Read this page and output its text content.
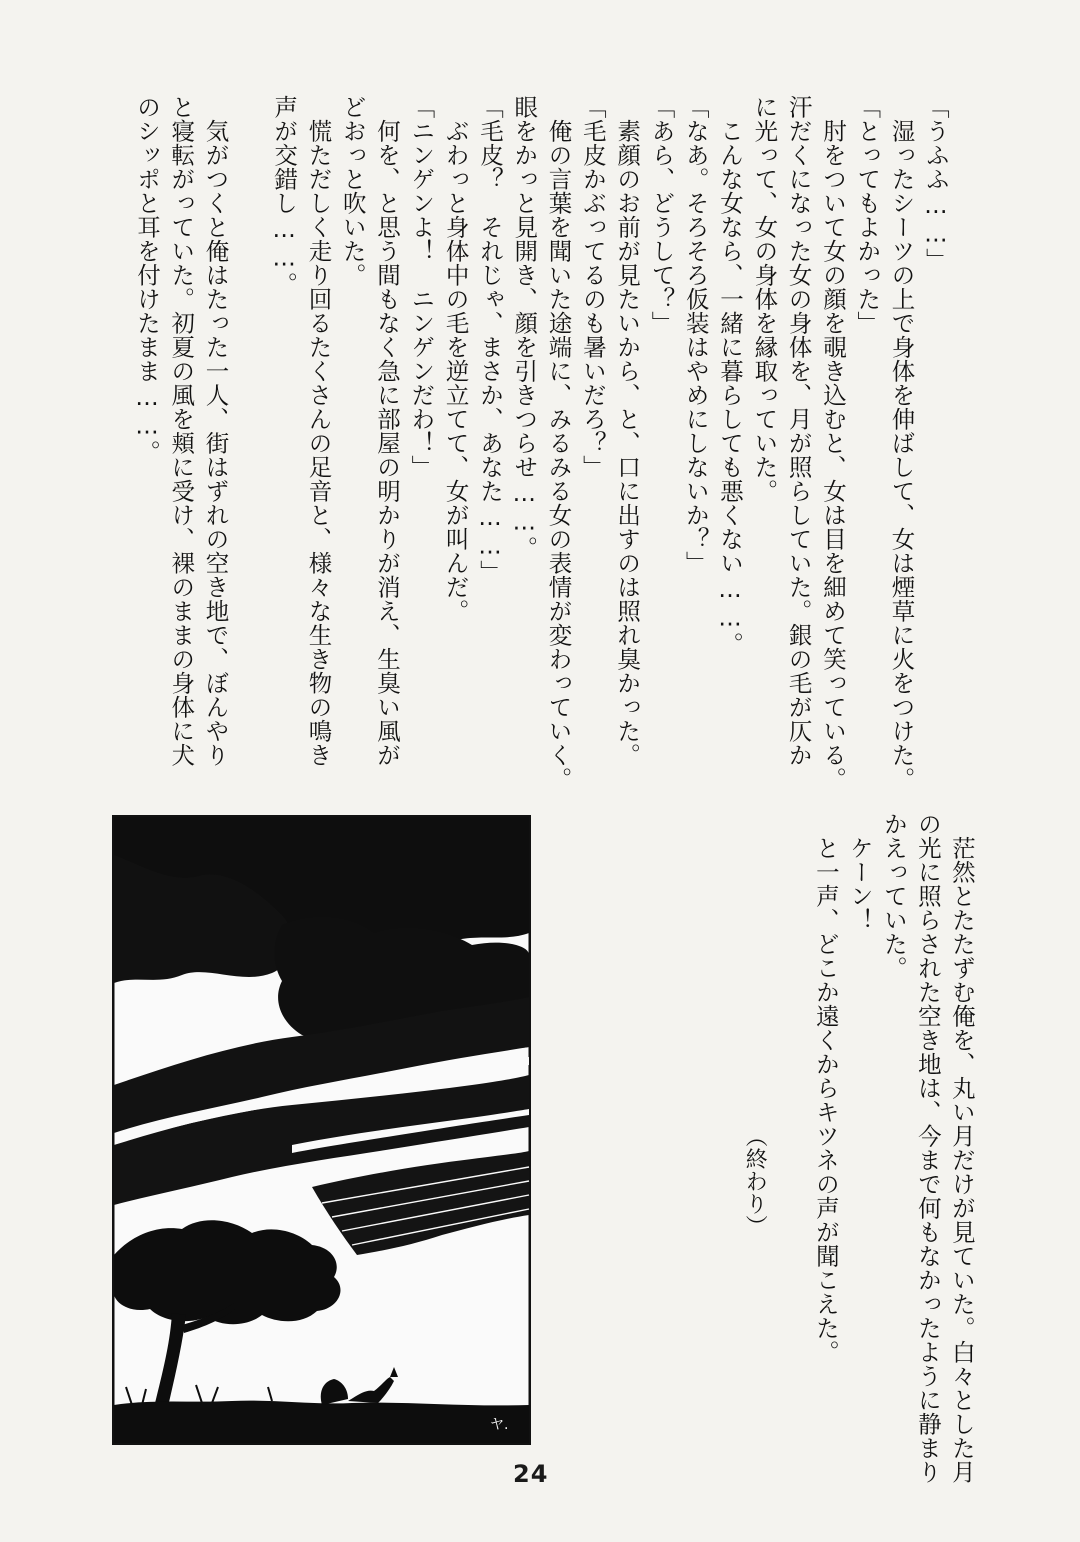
「うふふ……」
　湿ったシーツの上で身体を伸ばして、女は煙草に火をつけた。
「とってもよかった」
　肘をついて女の顔を覗き込むと、女は目を細めて笑っている。
汗だくになった女の身体を、月が照らしていた。銀の毛が仄か
に光って、女の身体を縁取っていた。
　こんな女なら、一緒に暮らしても悪くない……。
「なあ。そろそろ仮装はやめにしないか？」
「あら、どうして？」
　素顔のお前が見たいから、と、口に出すのは照れ臭かった。
「毛皮かぶってるのも暑いだろ？」
　俺の言葉を聞いた途端に、みるみる女の表情が変わっていく。
眼をかっと見開き、顔を引きつらせ……。
「毛皮？　それじゃ、まさか、あなた……」
　ぶわっと身体中の毛を逆立てて、女が叫んだ。
「ニンゲンよ！　ニンゲンだわ！」
　何を、と思う間もなく急に部屋の明かりが消え、生臭い風が
どおっと吹いた。
　慌ただしく走り回るたくさんの足音と、様々な生き物の鳴き
声が交錯し……。
　気がつくと俺はたった一人、街はずれの空き地で、ぼんやり
と寝転がっていた。初夏の風を頬に受け、裸のままの身体に犬
のシッポと耳を付けたまま……。
　茫然とたたずむ俺を、丸い月だけが見ていた。白々とした月
の光に照らされた空き地は、今まで何もなかったように静まり
かえっていた。
　ケーン！
　と一声、どこか遠くからキツネの声が聞こえた。
（終わり）
ヤ.
24
